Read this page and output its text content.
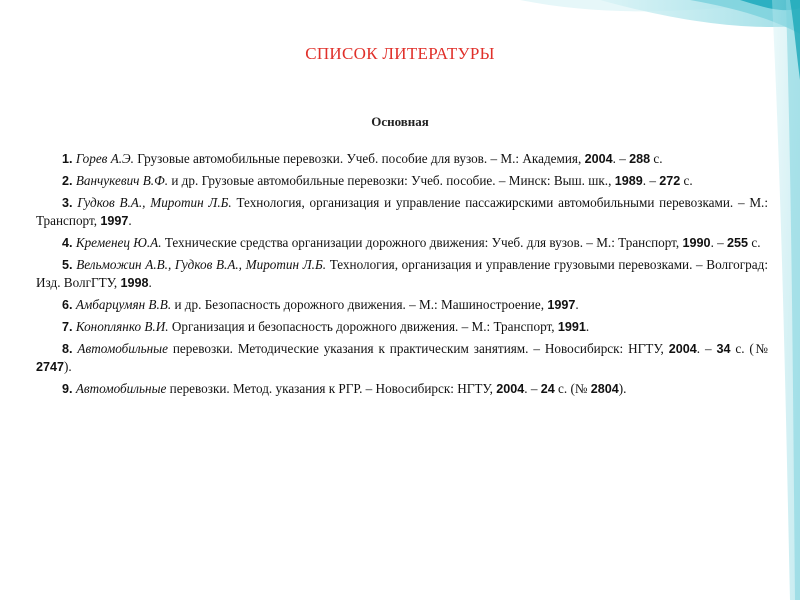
СПИСОК ЛИТЕРАТУРЫ
Основная

1. Горев А.Э. Грузовые автомобильные перевозки. Учеб. пособие для вузов. – М.: Академия, 2004. – 288 с.

2. Ванчукевич В.Ф. и др. Грузовые автомобильные перевозки: Учеб. пособие. – Минск: Выш. шк., 1989. – 272 с.

3. Гудков В.А., Миротин Л.Б. Технология, организация и управление пассажирскими автомобильными перевозками. – М.: Транспорт, 1997.

4. Кременец Ю.А. Технические средства организации дорожного движения: Учеб. для вузов. – М.: Транспорт, 1990. – 255 с.

5. Вельможин А.В., Гудков В.А., Миротин Л.Б. Технология, организация и управление грузовыми перевозками. – Волгоград: Изд. ВолгГТУ, 1998.

6. Амбарцумян В.В. и др. Безопасность дорожного движения. – М.: Машиностроение, 1997.

7. Коноплянко В.И. Организация и безопасность дорожного движения. – М.: Транспорт, 1991.

8. Автомобильные перевозки. Методические указания к практическим занятиям. – Новосибирск: НГТУ, 2004. – 34 с. (№ 2747).

9. Автомобильные перевозки. Метод. указания к РГР. – Новосибирск: НГТУ, 2004. – 24 с. (№ 2804).
